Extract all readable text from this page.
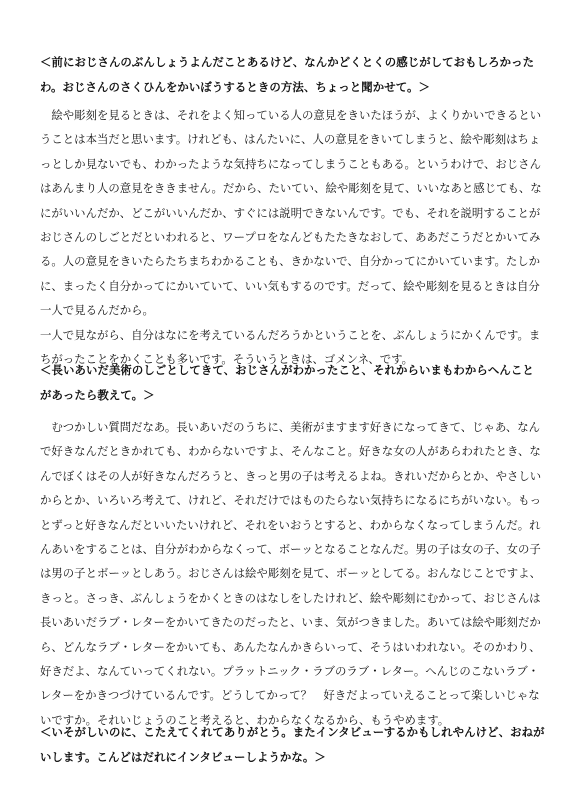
＜前におじさんのぶんしょうよんだことあるけど、なんかどくとくの感じがしておもしろかったわ。おじさんのさくひんをかいぼうするときの方法、ちょっと聞かせて。＞
　絵や彫刻を見るときは、それをよく知っている人の意見をきいたほうが、よくりかいできるということは本当だと思います。けれども、はんたいに、人の意見をきいてしまうと、絵や彫刻はちょっとしか見ないでも、わかったような気持ちになってしまうこともある。というわけで、おじさんはあんまり人の意見をききません。だから、たいてい、絵や彫刻を見て、いいなあと感じても、なにがいいんだか、どこがいいんだか、すぐには説明できないんです。でも、それを説明することがおじさんのしごとだといわれると、ワープロをなんどもたたきなおして、ああだこうだとかいてみる。人の意見をきいたらたちまちわかることも、きかないで、自分かってにかいています。たしかに、まったく自分かってにかいていて、いい気もするのです。だって、絵や彫刻を見るときは自分一人で見るんだから。
一人で見ながら、自分はなにを考えているんだろうかということを、ぶんしょうにかくんです。まちがったことをかくことも多いです。そういうときは、ゴメンネ、です。
＜長いあいだ美術のしごとしてきて、おじさんがわかったこと、それからいまもわからへんことがあったら教えて。＞
　むつかしい質問だなあ。長いあいだのうちに、美術がますます好きになってきて、じゃあ、なんで好きなんだときかれても、わからないですよ、そんなこと。好きな女の人があらわれたとき、なんでぼくはその人が好きなんだろうと、きっと男の子は考えるよね。きれいだからとか、やさしいからとか、いろいろ考えて、けれど、それだけではものたらない気持ちになるにちがいない。もっとずっと好きなんだといいたいけれど、それをいおうとすると、わからなくなってしまうんだ。れんあいをすることは、自分がわからなくって、ボーッとなることなんだ。男の子は女の子、女の子は男の子とボーッとしあう。おじさんは絵や彫刻を見て、ボーッとしてる。おんなじことですよ、きっと。さっき、ぶんしょうをかくときのはなしをしたけれど、絵や彫刻にむかって、おじさんは長いあいだラブ・レターをかいてきたのだったと、いま、気がつきました。あいては絵や彫刻だから、どんなラブ・レターをかいても、あんたなんかきらいって、そうはいわれない。そのかわり、好きだよ、なんていってくれない。プラットニック・ラブのラブ・レター。へんじのこないラブ・レターをかきつづけているんです。どうしてかって？　好きだよっていえることって楽しいじゃないですか。それいじょうのこと考えると、わからなくなるから、もうやめます。
＜いそがしいのに、こたえてくれてありがとう。またインタビューするかもしれやんけど、おねがいします。こんどはだれにインタビューしようかな。＞
